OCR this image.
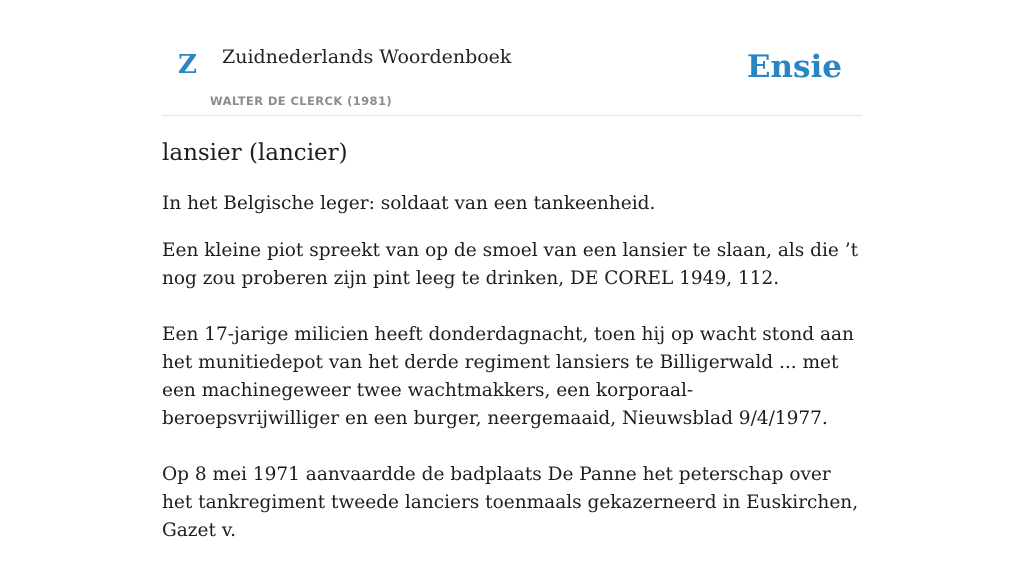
Z Zuidnederlands Woordenboek
WALTER DE CLERCK (1981)
Ensie
lansier (lancier)

In het Belgische leger: soldaat van een tankeenheid.

Een kleine piot spreekt van op de smoel van een lansier te slaan, als die ’t nog zou proberen zijn pint leeg te drinken, DE COREL 1949, 112.

Een 17-jarige milicien heeft donderdagnacht, toen hij op wacht stond aan het munitiedepot van het derde regiment lansiers te Billigerwald ... met een machinegeweer twee wachtmakkers, een korporaal-beroepsvrijwilliger en een burger, neergemaaid, Nieuwsblad 9/4/1977.

Op 8 mei 1971 aanvaardde de badplaats De Panne het peterschap over het tankregiment tweede lanciers toenmaals gekazerneerd in Euskirchen, Gazet v.
